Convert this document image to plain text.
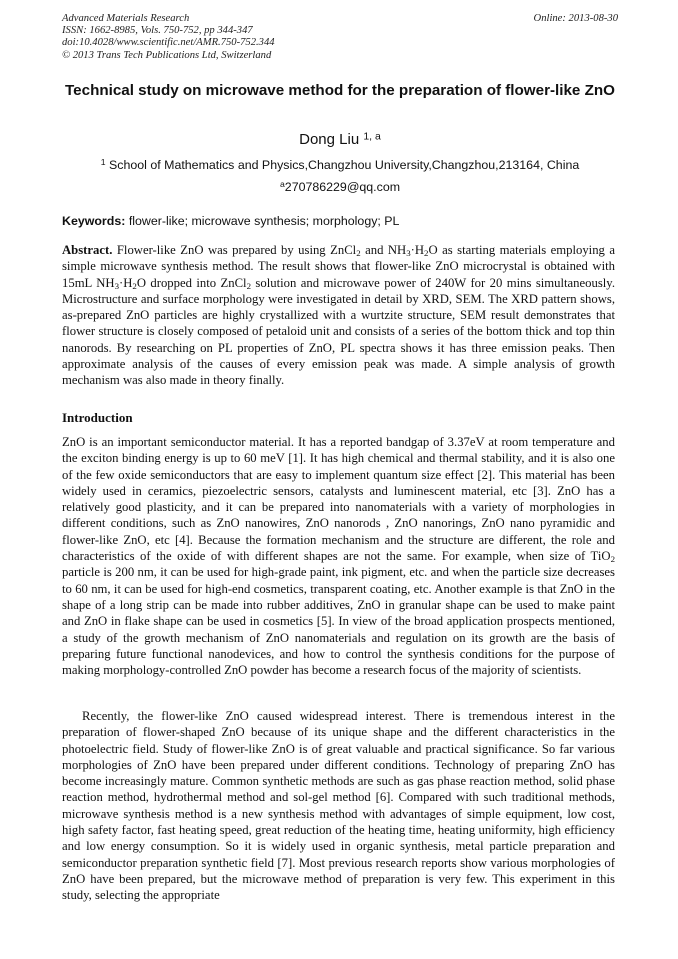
Advanced Materials Research
ISSN: 1662-8985, Vols. 750-752, pp 344-347
doi:10.4028/www.scientific.net/AMR.750-752.344
© 2013 Trans Tech Publications Ltd, Switzerland
Online: 2013-08-30
Technical study on microwave method for the preparation of flower-like ZnO
Dong Liu $^{1, a}$
$^1$ School of Mathematics and Physics,Changzhou University,Changzhou,213164, China
$^a$270786229@qq.com
Keywords: flower-like; microwave synthesis; morphology; PL
Abstract. Flower-like ZnO was prepared by using ZnCl$_2$ and $NH_3\cdot H_2O$ as starting materials employing a simple microwave synthesis method. The result shows that flower-like ZnO microcrystal is obtained with 15mL $NH_3\cdot H_2O$ dropped into ZnCl$_2$ solution and microwave power of 240W for 20 mins simultaneously. Microstructure and surface morphology were investigated in detail by XRD, SEM. The XRD pattern shows, as-prepared ZnO particles are highly crystallized with a wurtzite structure, SEM result demonstrates that flower structure is closely composed of petaloid unit and consists of a series of the bottom thick and top thin nanorods. By researching on PL properties of ZnO, PL spectra shows it has three emission peaks. Then approximate analysis of the causes of every emission peak was made. A simple analysis of growth mechanism was also made in theory finally.
Introduction
ZnO is an important semiconductor material. It has a reported bandgap of 3.37eV at room temperature and the exciton binding energy is up to 60 meV [1]. It has high chemical and thermal stability, and it is also one of the few oxide semiconductors that are easy to implement quantum size effect [2]. This material has been widely used in ceramics, piezoelectric sensors, catalysts and luminescent material, etc [3]. ZnO has a relatively good plasticity, and it can be prepared into nanomaterials with a variety of morphologies in different conditions, such as ZnO nanowires, ZnO nanorods , ZnO nanorings, ZnO nano pyramidic and flower-like ZnO, etc [4]. Because the formation mechanism and the structure are different, the role and characteristics of the oxide of with different shapes are not the same. For example, when size of TiO$_2$ particle is 200 nm, it can be used for high-grade paint, ink pigment, etc. and when the particle size decreases to 60 nm, it can be used for high-end cosmetics, transparent coating, etc. Another example is that ZnO in the shape of a long strip can be made into rubber additives, ZnO in granular shape can be used to make paint and ZnO in flake shape can be used in cosmetics [5]. In view of the broad application prospects mentioned, a study of the growth mechanism of ZnO nanomaterials and regulation on its growth are the basis of preparing future functional nanodevices, and how to control the synthesis conditions for the purpose of making morphology-controlled ZnO powder has become a research focus of the majority of scientists.
Recently, the flower-like ZnO caused widespread interest. There is tremendous interest in the preparation of flower-shaped ZnO because of its unique shape and the different characteristics in the photoelectric field. Study of flower-like ZnO is of great valuable and practical significance. So far various morphologies of ZnO have been prepared under different conditions. Technology of preparing ZnO has become increasingly mature. Common synthetic methods are such as gas phase reaction method, solid phase reaction method, hydrothermal method and sol-gel method [6]. Compared with such traditional methods, microwave synthesis method is a new synthesis method with advantages of simple equipment, low cost, high safety factor, fast heating speed, great reduction of the heating time, heating uniformity, high efficiency and low energy consumption. So it is widely used in organic synthesis, metal particle preparation and semiconductor preparation synthetic field [7]. Most previous research reports show various morphologies of ZnO have been prepared, but the microwave method of preparation is very few. This experiment in this study, selecting the appropriate
